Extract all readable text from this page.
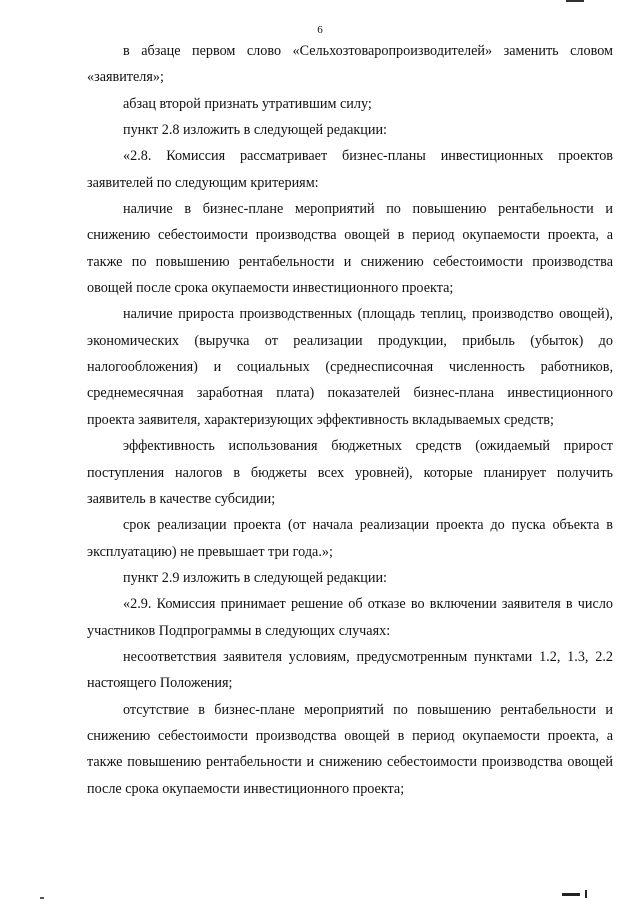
6

в абзаце первом слово «Сельхозтоваропроизводителей» заменить словом «заявителя»;

абзац второй признать утратившим силу;

пункт 2.8 изложить в следующей редакции:

«2.8. Комиссия рассматривает бизнес-планы инвестиционных проектов заявителей по следующим критериям:

наличие в бизнес-плане мероприятий по повышению рентабельности и снижению себестоимости производства овощей в период окупаемости проекта, а также по повышению рентабельности и снижению себестоимости производства овощей после срока окупаемости инвестиционного проекта;

наличие прироста производственных (площадь теплиц, производство овощей), экономических (выручка от реализации продукции, прибыль (убыток) до налогообложения) и социальных (среднесписочная численность работников, среднемесячная заработная плата) показателей бизнес-плана инвестиционного проекта заявителя, характеризующих эффективность вкладываемых средств;

эффективность использования бюджетных средств (ожидаемый прирост поступления налогов в бюджеты всех уровней), которые планирует получить заявитель в качестве субсидии;

срок реализации проекта (от начала реализации проекта до пуска объекта в эксплуатацию) не превышает три года.»;

пункт 2.9 изложить в следующей редакции:

«2.9. Комиссия принимает решение об отказе во включении заявителя в число участников Подпрограммы в следующих случаях:

несоответствия заявителя условиям, предусмотренным пунктами 1.2, 1.3, 2.2 настоящего Положения;

отсутствие в бизнес-плане мероприятий по повышению рентабельности и снижению себестоимости производства овощей в период окупаемости проекта, а также повышению рентабельности и снижению себестоимости производства овощей после срока окупаемости инвестиционного проекта;
